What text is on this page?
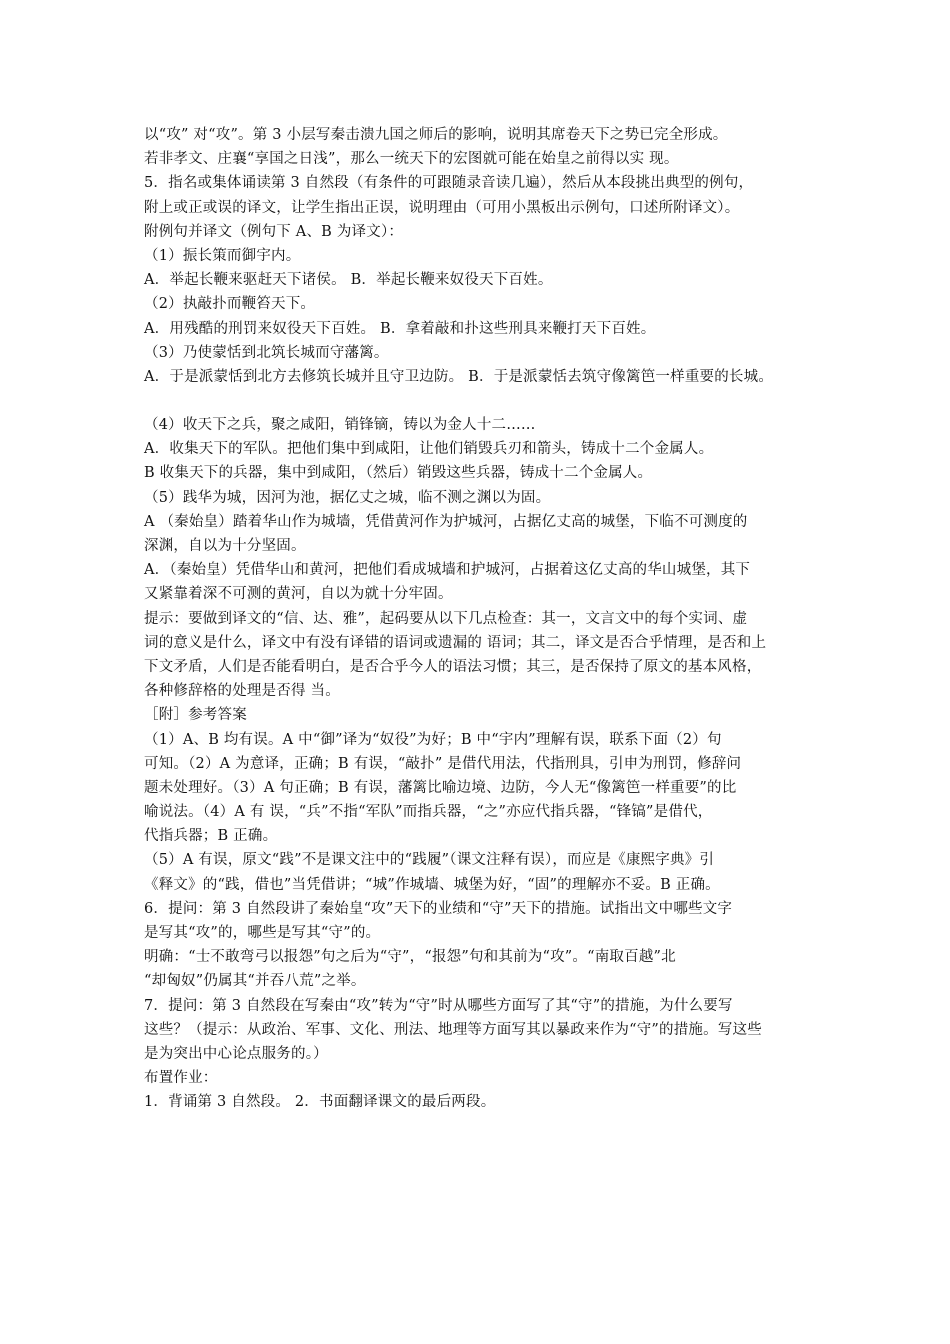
以“攻” 对“攻”。第 3 小层写秦击溃九国之师后的影响，说明其席卷天下之势已完全形成。
若非孝文、庄襄“享国之日浅”，那么一统天下的宏图就可能在始皇之前得以实 现。
5．指名或集体诵读第 3 自然段（有条件的可跟随录音读几遍），然后从本段挑出典型的例句，
附上或正或误的译文，让学生指出正误，说明理由（可用小黑板出示例句，口述所附译文）。
附例句并译文（例句下 A、B 为译文）：
（1）振长策而御宇内。
A．举起长鞭来驱赶天下诸侯。 B．举起长鞭来奴役天下百姓。
（2）执敲扑而鞭笞天下。
A．用残酷的刑罚来奴役天下百姓。 B．拿着敲和扑这些刑具来鞭打天下百姓。
（3）乃使蒙恬到北筑长城而守藩篱。
A．于是派蒙恬到北方去修筑长城并且守卫边防。 B．于是派蒙恬去筑守像篱笆一样重要的长城。
（4）收天下之兵，聚之咸阳，销锋镝，铸以为金人十二……
A．收集天下的军队。把他们集中到咸阳，让他们销毁兵刃和箭头，铸成十二个金属人。
B 收集天下的兵器，集中到咸阳，（然后）销毁这些兵器，铸成十二个金属人。
（5）践华为城，因河为池，据亿丈之城，临不测之渊以为固。
A （秦始皇）踏着华山作为城墙，凭借黄河作为护城河，占据亿丈高的城堡，下临不可测度的
深渊，自以为十分坚固。
A．（秦始皇）凭借华山和黄河，把他们看成城墙和护城河，占据着这亿丈高的华山城堡，其下
又紧靠着深不可测的黄河，自以为就十分牢固。
提示：要做到译文的“信、达、雅”，起码要从以下几点检查：其一，文言文中的每个实词、虚
词的意义是什么，译文中有没有译错的语词或遗漏的 语词；其二，译文是否合乎情理，是否和上
下文矛盾，人们是否能看明白，是否合乎今人的语法习惯；其三，是否保持了原文的基本风格，
各种修辞格的处理是否得 当。
［附］参考答案
（1）A、B 均有误。A 中“御”译为“奴役”为好；B 中“宇内”理解有误，联系下面（2）句
可知。（2）A 为意译，正确；B 有误，“敲扑” 是借代用法，代指刑具，引申为刑罚，修辞问
题未处理好。（3）A 句正确；B 有误，藩篱比喻边境、边防，今人无“像篱笆一样重要”的比
喻说法。（4）A 有 误，“兵”不指“军队”而指兵器，“之”亦应代指兵器，“锋镐”是借代，
代指兵器；B 正确。
（5）A 有误，原文“践”不是课文注中的“践履”（课文注释有误），而应是《康熙字典》引
《释文》的“践，借也”当凭借讲；“城”作城墙、城堡为好，“固”的理解亦不妥。B 正确。
6．提问：第 3 自然段讲了秦始皇“攻”天下的业绩和“守”天下的措施。试指出文中哪些文字
是写其“攻”的，哪些是写其“守”的。
明确：“士不敢弯弓以报怨”句之后为“守”，“报怨”句和其前为“攻”。“南取百越”北
“却匈奴”仍属其“并吞八荒”之举。
7．提问：第 3 自然段在写秦由“攻”转为“守”时从哪些方面写了其“守”的措施，为什么要写
这些？（提示：从政治、军事、文化、刑法、地理等方面写其以暴政来作为“守”的措施。写这些
是为突出中心论点服务的。）
布置作业：
1．背诵第 3 自然段。 2．书面翻译课文的最后两段。
